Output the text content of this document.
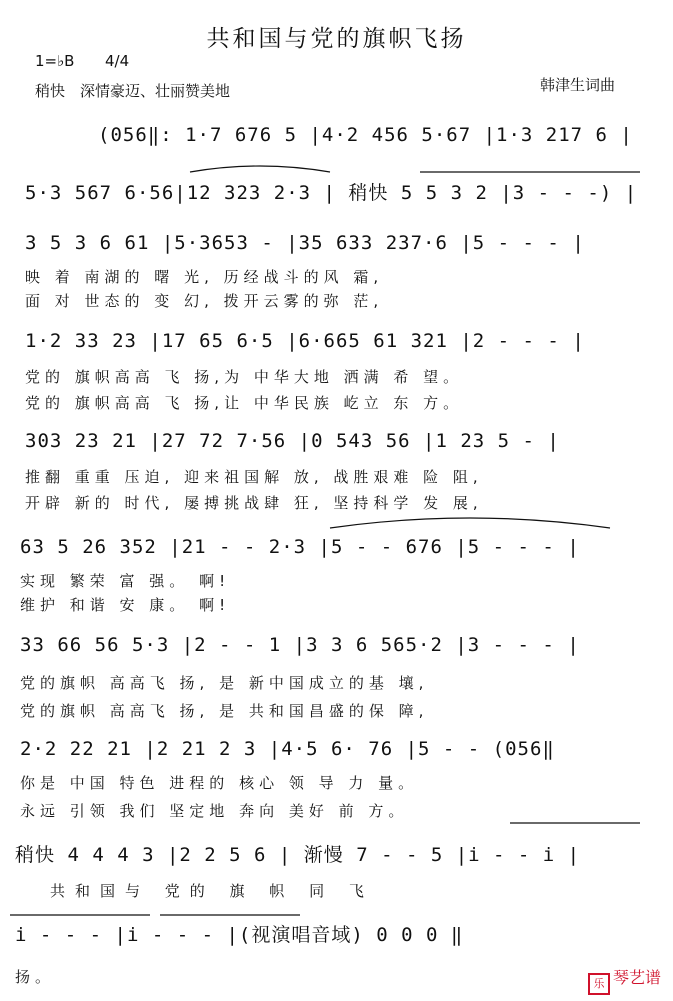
共和国与党的旗帜飞扬
1=♭B 4/4
稍快　深情豪迈、壮丽赞美地	韩津生词曲
(056‖: 1·7 676 5 |4·2 456 5·67 |1·3 217 6 |
5·3 567 6·56|12 323 2·3 | 稍快 5 5 3 2 |3 - - -) |
3 5 3 6 61 |5·3653 - |35 633 237·6 |5 - - - |
映 着 南湖的 曙 光, 历经战斗的风 霜,
面 对 世态的 变 幻, 拨开云雾的弥 茫,
1·2 33 23 |17 65 6·5 |6·665 61 321 |2 - - - |
党的 旗帜高高 飞 扬,为 中华大地 洒满 希 望。
党的 旗帜高高 飞 扬,让 中华民族 屹立 东 方。
303 23 21 |27 72 7·56 |0 543 56 |1 23 5 - |
推翻 重重 压迫, 迎来祖国解 放, 战胜艰难 险 阻,
开辟 新的 时代, 屡搏挑战肆 狂, 坚持科学 发 展,
63 5 26 352 |21 - - 2·3 |5 - - 676 |5 - - - |
实现 繁荣 富 强。 啊!
维护 和谐 安 康。 啊!
33 66 56 5·3 |2 - - 1 |3 3 6 565·2 |3 - - - |
党的旗帜 高高飞 扬, 是 新中国成立的基 壤,
党的旗帜 高高飞 扬, 是 共和国昌盛的保 障,
2·2 22 21 |2 21 2 3 |4·5 6· 76 |5 - - (056‖
你是 中国 特色 进程的 核心 领 导 力 量。
永远 引领 我们 坚定地 奔向 美好 前 方。
稍快 4 4 4 3 |2 2 5 6 | 渐慢 7 - - 5 |i - - i |
共和国与 党的 旗 帜 同 飞
i - - - |i - - - |(视演唱音域) 0 0 0 ‖
扬。	乐 琴艺谱
